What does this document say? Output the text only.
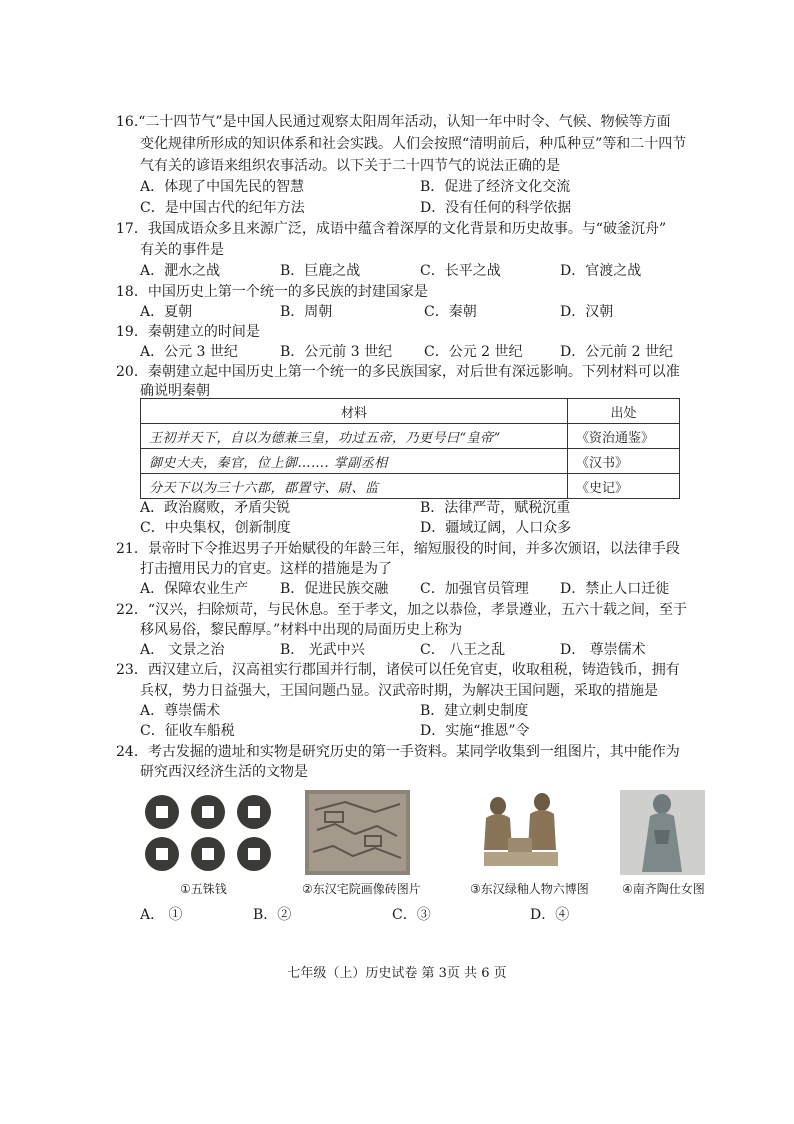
16.“二十四节气”是中国人民通过观察太阳周年活动，认知一年中时令、气候、物候等方面
变化规律所形成的知识体系和社会实践。人们会按照“清明前后，种瓜种豆”等和二十四节
气有关的谚语来组织农事活动。以下关于二十四节气的说法正确的是
A．体现了中国先民的智慧	B．促进了经济文化交流
C．是中国古代的纪年方法	D．没有任何的科学依据
17．我国成语众多且来源广泛，成语中蕴含着深厚的文化背景和历史故事。与“破釜沉舟”
有关的事件是
A．淝水之战	B．巨鹿之战	C．长平之战	D．官渡之战
18．中国历史上第一个统一的多民族的封建国家是
A．夏朝	B．周朝	C．秦朝	D．汉朝
19．秦朝建立的时间是
A．公元 3 世纪	B．公元前 3 世纪 C．公元 2 世纪	D．公元前 2 世纪
20．秦朝建立起中国历史上第一个统一的多民族国家，对后世有深远影响。下列材料可以准
确说明秦朝
材料	出处
王初并天下，自以为德兼三皇，功过五帝，乃更号曰“皇帝”	《资治通鉴》
御史大夫，秦官，位上御……. 掌副丞相	《汉书》
分天下以为三十六郡，郡置守、尉、监	《史记》
A．政治腐败，矛盾尖锐	B．法律严苛，赋税沉重
C．中央集权，创新制度	D．疆域辽阔，人口众多
21．景帝时下令推迟男子开始赋役的年龄三年，缩短服役的时间，并多次颁诏，以法律手段
打击擅用民力的官吏。这样的措施是为了
A．保障农业生产 B．促进民族交融 C．加强官员管理 D．禁止人口迁徙
22．“汉兴，扫除烦苛，与民休息。至于孝文，加之以恭俭，孝景遵业，五六十载之间，至于
移风易俗，黎民醇厚。”材料中出现的局面历史上称为
A． 文景之治	B． 光武中兴	C． 八王之乱	D． 尊崇儒术
23．西汉建立后，汉高祖实行郡国并行制，诸侯可以任免官吏，收取租税，铸造钱币，拥有
兵权，势力日益强大，王国问题凸显。汉武帝时期，为解决王国问题，采取的措施是
A．尊崇儒术	B．建立刺史制度
C．征收车船税	D．实施“推恩”令
24．考古发掘的遗址和实物是研究历史的第一手资料。某同学收集到一组图片，其中能作为
研究西汉经济生活的文物是
①五铢钱	②东汉宅院画像砖图片	③东汉绿釉人物六博图	④南齐陶仕女图
A． ①	B．②	C．③	D．④
七年级（上）历史试卷 第 3页 共 6 页
